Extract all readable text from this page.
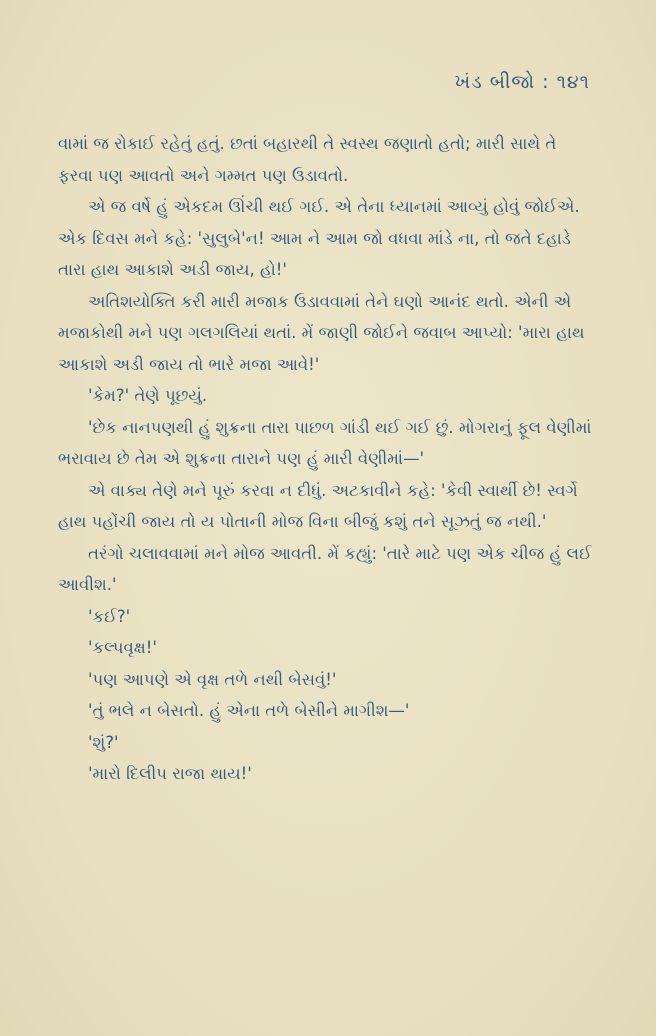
ખંડ બીજો : ૧૪૧

વામાં જ રોકાઈ રહેતું હતું. છતાં બહારથી તે સ્વસ્થ જણાતો હતો; મારી સાથે તે ફરવા પણ આવતો અને ગમ્મત પણ ઉડાવતો.

એ જ વર્ષે હું એકદમ ઊંચી થઈ ગઈ. એ તેના ધ્યાનમાં આવ્યું હોવું જોઈએ. એક દિવસ મને કહે: 'સુલુબે'ન! આમ ને આમ જો વધવા માંડે ના, તો જતે દહાડે તારા હાથ આકાશે અડી જાય, હો!'

અતિશયોક્તિ કરી મારી મજાક ઉડાવવામાં તેને ઘણો આનંદ થતો. એની એ મજાકોથી મને પણ ગલગલિયાં થતાં. મેં જાણી જોઈને જવાબ આપ્યો: 'મારા હાથ આકાશે અડી જાય તો ભારે મજા આવે!'

'કેમ?' તેણે પૂછયું.

'છેક નાનપણથી હું શુક્રના તારા પાછળ ગાંડી થઈ ગઈ છું. મોગરાનું ફૂલ વેણીમાં ભરાવાય છે તેમ એ શુક્રના તારાને પણ હું મારી વેણીમાં—'

એ વાક્ય તેણે મને પૂરું કરવા ન દીધું. અટકાવીને કહે: 'કેવી સ્વાર્થી છે! સ્વર્ગે હાથ પહોંચી જાય તો ય પોતાની મોજ વિના બીજું કશું તને સૂઝતું જ નથી.'

તરંગો ચલાવવામાં મને મોજ આવતી. મેં કહ્યું: 'તારે માટે પણ એક ચીજ હું લઈ આવીશ.'

'કઈ?'

'કલ્પવૃક્ષ!'

'પણ આપણે એ વૃક્ષ તળે નથી બેસવું!'

'તું ભલે ન બેસતો. હું એના તળે બેસીને માગીશ—'

'શું?'

'મારો દિલીપ રાજા થાય!'
